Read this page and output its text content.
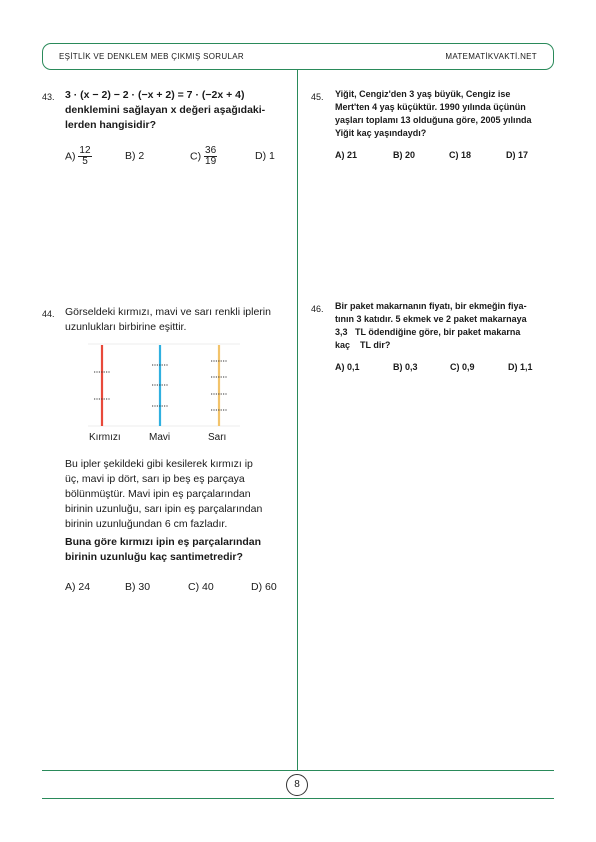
EŞİTLİK VE DENKLEM MEB ÇIKMIŞ SORULAR	MATEMATİKVAKTİ.NET
8
43. 3 · (x − 2) − 2 · (−x + 2) = 7 · (−2x + 4)
denklemini sağlayan x değeri aşağıdaki-
lerden hangisidir?
$A) \frac{12}{5}$	B) 2	$C) \frac{36}{19}$	D) 1
44. Görseldeki kırmızı, mavi ve sarı renkli iplerin
uzunlukları birbirine eşittir.
Kırmızı	Mavi	Sarı
Bu ipler şekildeki gibi kesilerek kırmızı ip
üç, mavi ip dört, sarı ip beş eş parçaya
bölünmüştür. Mavi ipin eş parçalarından
birinin uzunluğu, sarı ipin eş parçalarından
birinin uzunluğundan 6 cm fazladır.
Buna göre kırmızı ipin eş parçalarından
birinin uzunluğu kaç santimetredir?
A) 24	B) 30	C) 40	D) 60
45. Yiğit, Cengiz'den 3 yaş büyük, Cengiz ise
Mert'ten 4 yaş küçüktür. 1990 yılında üçünün
yaşları toplamı 13 olduğuna göre, 2005 yılında
Yiğit kaç yaşındaydı?
A) 21	B) 20	C) 18	D) 17
46. Bir paket makarnanın fiyatı, bir ekmeğin fiya-
tının 3 katıdır. 5 ekmek ve 2 paket makarnaya
3,3   TL ödendiğine göre, bir paket makarna
kaç    TL dir?
A) 0,1	B) 0,3	C) 0,9	D) 1,1
